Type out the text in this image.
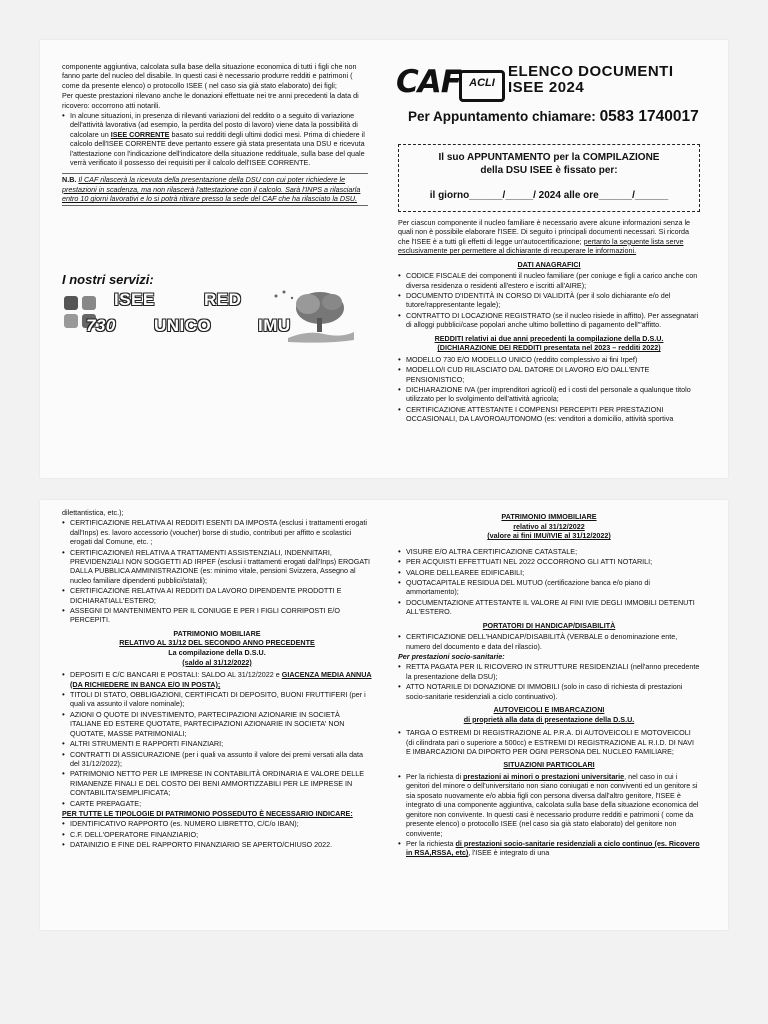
componente aggiuntiva, calcolata sulla base della situazione economica di tutti i figli che non fanno parte del nucleo del disabile. In questi casi è necessario produrre redditi e patrimoni ( come da presente elenco) o protocollo ISEE ( nel caso sia già stato elaborato) dei figli;

Per queste prestazioni rilevano anche le donazioni effettuate nei tre anni precedenti la data di ricovero: occorrono atti notarili.

• In alcune situazioni, in presenza di rilevanti variazioni del reddito o a seguito di variazione dell'attività lavorativa (ad esempio, la perdita del posto di lavoro) viene data la possibilità di calcolare un ISEE CORRENTE basato sui redditi degli ultimi dodici mesi. Prima di chiedere il calcolo dell'ISEE CORRENTE deve pertanto essere già stata presentata una DSU e ricevuta l'attestazione con l'indicazione dell'indicatore della situazione reddituale, sulla base del quale verrà verificato il possesso dei requisiti per il calcolo dell'ISEE CORRENTE.
N.B. Il CAF rilascerà la ricevuta della presentazione della DSU con cui poter richiedere le prestazioni in scadenza, ma non rilascerà l'attestazione con il calcolo. Sarà l'INPS a rilasciarla entro 10 giorni lavorativi e lo si potrà ritirare presso la sede del CAF che ha rilasciato la DSU.
I nostri servizi:
ISEE	RED
730 UNICO	IMU
CAF ACLI
ELENCO DOCUMENTI
ISEE 2024
Per Appuntamento chiamare: 0583 1740017
Il suo APPUNTAMENTO per la COMPILAZIONE
della DSU ISEE è fissato per:
il giorno______/_____/ 2024 alle ore______/______

Per ciascun componente il nucleo familiare è necessario avere alcune informazioni senza le quali non è possibile elaborare l'ISEE. Di seguito i principali documenti necessari. Si ricorda che l'ISEE è a tutti gli effetti di legge un'autocertificazione; pertanto la seguente lista serve esclusivamente per permettere al dichiarante di recuperare le informazioni.

DATI ANAGRAFICI
• CODICE FISCALE dei componenti il nucleo familiare (per coniuge e figli a carico anche con diversa residenza o residenti all'estero e iscritti all'AIRE);
• DOCUMENTO D'IDENTITÀ IN CORSO DI VALIDITÀ (per il solo dichiarante e/o del tutore/rappresentante legale);
• CONTRATTO DI LOCAZIONE REGISTRATO (se il nucleo risiede in affitto). Per assegnatari di alloggi pubblici/case popolari anche ultimo bollettino di pagamento dell'"affitto.
REDDITI relativi ai due anni precedenti la compilazione della D.S.U.
(DICHIARAZIONE DEI REDDITI presentata nel 2023 – redditi 2022)
• MODELLO 730 E/O MODELLO UNICO (reddito complessivo ai fini Irpef)
• MODELLO/I CUD RILASCIATO DAL DATORE DI LAVORO E/O DALL'ENTE PENSIONISTICO;
• DICHIARAZIONE IVA (per imprenditori agricoli) ed i costi del personale a qualunque titolo utilizzato per lo svolgimento dell'attività agricola;
• CERTIFICAZIONE ATTESTANTE I COMPENSI PERCEPITI PER PRESTAZIONI OCCASIONALI, DA LAVOROAUTONOMO (es: venditori a domicilio, attività sportiva

dilettantistica, etc.);

• CERTIFICAZIONE RELATIVA AI REDDITI ESENTI DA IMPOSTA (esclusi i trattamenti erogati dall'Inps) es. lavoro accessorio (voucher) borse di studio, contributi per affitto e scolastici erogati dal Comune, etc. ;
• CERTIFICAZIONE/I RELATIVA A TRATTAMENTI ASSISTENZIALI, INDENNITARI, PREVIDENZIALI NON SOGGETTI AD IRPEF (esclusi i trattamenti erogati dall'Inps) EROGATI DALLA PUBBLICA AMMINISTRAZIONE (es: minimo vitale, pensioni Svizzera, Assegno al nucleo familiare dipendenti pubblici/statali);
• CERTIFICAZIONE RELATIVA AI REDDITI DA LAVORO DIPENDENTE PRODOTTI E DICHIARATIALL'ESTERO;
• ASSEGNI DI MANTENIMENTO PER IL CONIUGE E PER I FIGLI CORRIPOSTI E/O PERCEPITI.
PATRIMONIO MOBILIARE
RELATIVO AL 31/12 DEL SECONDO ANNO PRECEDENTE
La compilazione della D.S.U.
(saldo al 31/12/2022)
• DEPOSITI E C/C BANCARI E POSTALI: SALDO AL 31/12/2022 e GIACENZA MEDIA ANNUA (DA RICHIEDERE IN BANCA E/O IN POSTA);
• TITOLI DI STATO, OBBLIGAZIONI, CERTIFICATI DI DEPOSITO, BUONI FRUTTIFERI (per i quali va assunto il valore nominale);
• AZIONI O QUOTE DI INVESTIMENTO, PARTECIPAZIONI AZIONARIE IN SOCIETÀ ITALIANE ED ESTERE QUOTATE, PARTECIPAZIONI AZIONARIE IN SOCIETA' NON QUOTATE, MASSE PATRIMONIALI;
• ALTRI STRUMENTI E RAPPORTI FINANZIARI;
• CONTRATTI DI ASSICURAZIONE (per i quali va assunto il valore dei premi versati alla data del 31/12/2022);
• PATRIMONIO NETTO PER LE IMPRESE IN CONTABILITÀ ORDINARIA E VALORE DELLE RIMANENZE FINALI E DEL COSTO DEI BENI AMMORTIZZABILI PER LE IMPRESE IN CONTABILITA'SEMPLIFICATA;
• CARTE PREPAGATE;

PER TUTTE LE TIPOLOGIE DI PATRIMONIO POSSEDUTO È NECESSARIO INDICARE:

• IDENTIFICATIVO RAPPORTO (es. NUMERO LIBRETTO, C/C/o IBAN);
• C.F. DELL'OPERATORE FINANZIARIO;
• DATAINIZIO E FINE DEL RAPPORTO FINANZIARIO SE APERTO/CHIUSO 2022.
PATRIMONIO IMMOBILIARE
relativo al 31/12/2022
(valore ai fini IMU/IVIE al 31/12/2022)
• VISURE E/O ALTRA CERTIFICAZIONE CATASTALE;
• PER ACQUISTI EFFETTUATI NEL 2022 OCCORRONO GLI ATTI NOTARILI;
• VALORE DELLEAREE EDIFICABILI;
• QUOTACAPITALE RESIDUA DEL MUTUO (certificazione banca e/o piano di ammortamento);
• DOCUMENTAZIONE ATTESTANTE IL VALORE AI FINI IVIE DEGLI IMMOBILI DETENUTI ALL'ESTERO.
PORTATORI DI HANDICAP/DISABILITÀ
• CERTIFICAZIONE DELL'HANDICAP/DISABILITÀ (VERBALE o denominazione ente, numero del documento e data del rilascio).

Per prestazioni socio-sanitarie:

• RETTA PAGATA PER IL RICOVERO IN STRUTTURE RESIDENZIALI (nell'anno precedente la presentazione della DSU);
• ATTO NOTARILE DI DONAZIONE DI IMMOBILI (solo in caso di richiesta di prestazioni socio-sanitarie residenziali a ciclo continuativo).
AUTOVEICOLI E IMBARCAZIONI
di proprietà alla data di presentazione della D.S.U.
• TARGA O ESTREMI DI REGISTRAZIONE AL P.R.A. DI AUTOVEICOLI E MOTOVEICOLI (di cilindrata pari o superiore a 500cc) e ESTREMI DI REGISTRAZIONE AL R.I.D. DI NAVI E IMBARCAZIONI DA DIPORTO PER OGNI PERSONA DEL NUCLEO FAMILIARE;
SITUAZIONI PARTICOLARI
• Per la richiesta di prestazioni ai minori o prestazioni universitarie, nel caso in cui i genitori del minore o dell'universitario non siano coniugati e non conviventi ed un genitore si sia sposato nuovamente e/o abbia figli con persona diversa dall'altro genitore, l'ISEE è integrato di una componente aggiuntiva, calcolata sulla base della situazione economica del genitore non convivente. In questi casi è necessario produrre redditi e patrimoni ( come da presente elenco) o protocollo ISEE (nel caso sia già stato elaborato) del genitore non convivente;
• Per la richiesta di prestazioni socio-sanitarie residenziali a ciclo continuo (es. Ricovero in RSA,RSSA, etc), l'ISEE è integrato di una
